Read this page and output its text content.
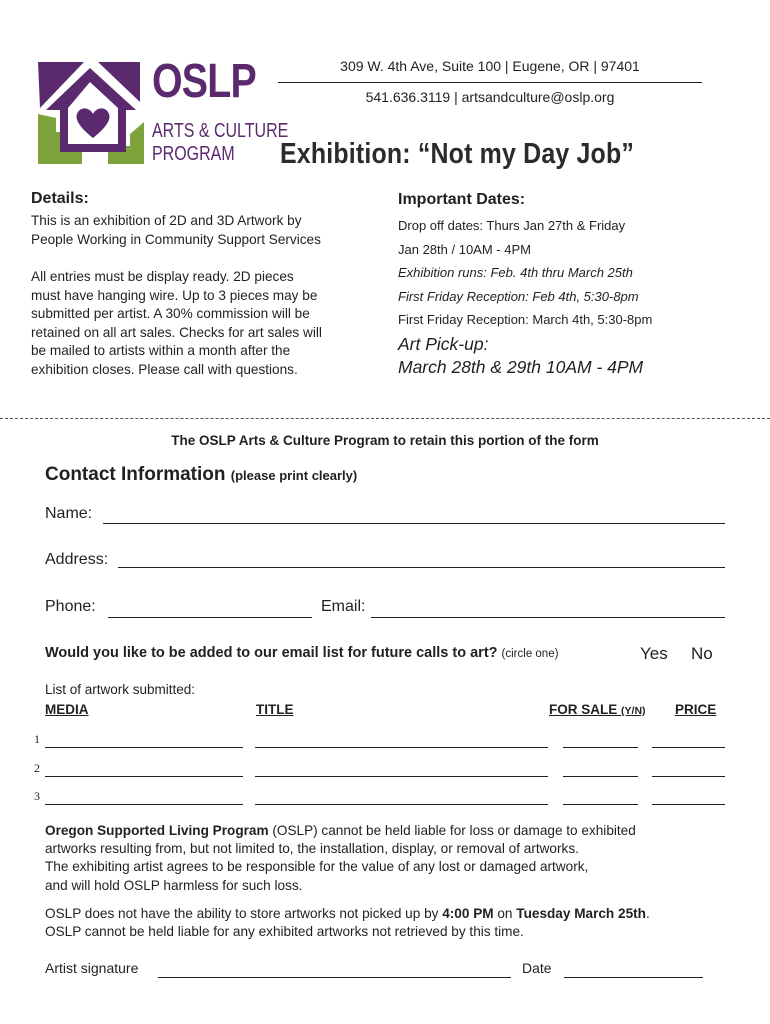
OSLP
ARTS & CULTURE
PROGRAM
309 W. 4th Ave, Suite 100 | Eugene, OR | 97401
541.636.3119 | artsandculture@oslp.org
Exhibition: “Not my Day Job”
Details:
This is an exhibition of 2D and 3D Artwork by
People Working in Community Support Services
All entries must be display ready. 2D pieces
must have hanging wire. Up to 3 pieces may be
submitted per artist. A 30% commission will be
retained on all art sales. Checks for art sales will
be mailed to artists within a month after the
exhibition closes. Please call with questions.
Important Dates:
Drop off dates: Thurs Jan 27th & Friday
Jan 28th / 10AM - 4PM
Exhibition runs: Feb. 4th thru March 25th
First Friday Reception: Feb 4th, 5:30-8pm
First Friday Reception: March 4th, 5:30-8pm
Art Pick-up:
March 28th & 29th 10AM - 4PM
The OSLP Arts & Culture Program to retain this portion of the form
Contact Information (please print clearly)
Name:
Address:
Phone:	Email:
Would you like to be added to our email list for future calls to art? (circle one)	Yes No
List of artwork submitted:
MEDIA	TITLE	FOR SALE (Y/N) PRICE
1
2
3
Oregon Supported Living Program (OSLP) cannot be held liable for loss or damage to exhibited
artworks resulting from, but not limited to, the installation, display, or removal of artworks.
The exhibiting artist agrees to be responsible for the value of any lost or damaged artwork,
and will hold OSLP harmless for such loss.
OSLP does not have the ability to store artworks not picked up by 4:00 PM on Tuesday March 25th.
OSLP cannot be held liable for any exhibited artworks not retrieved by this time.
Artist signature	Date
